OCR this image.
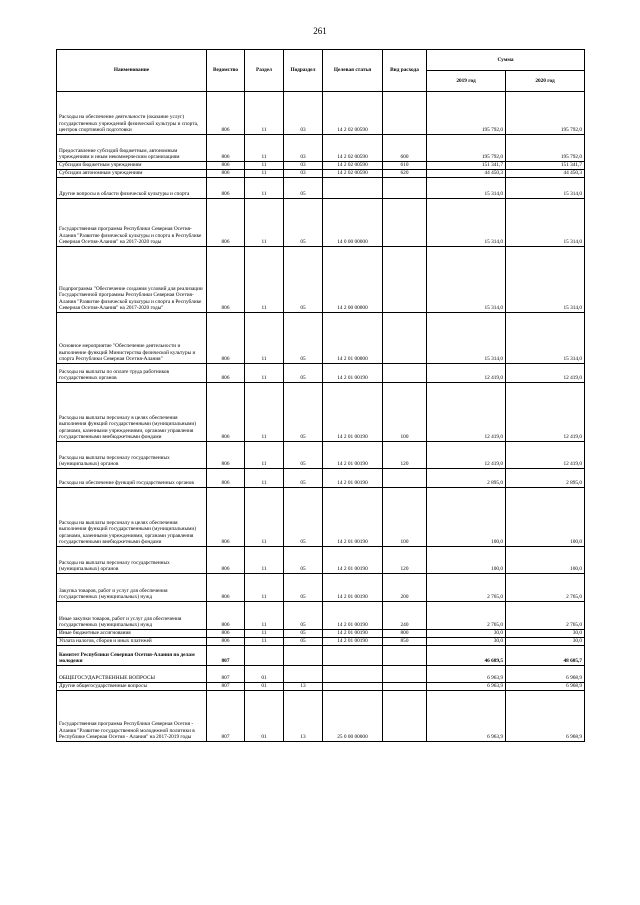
261
Наименование	Ведомство	Раздел	Подраздел	Целевая статья	Вид расхода	Сумма	
						2019 год	2020 год
Расходы на обеспечение деятельности (оказание услуг) государственных учреждений физической культуры и спорта, центров спортивной подготовки	806	11	03	14 2 02 00590		195 792,0	195 792,0
Предоставление субсидий бюджетным, автономным учреждениям и иным некоммерческим организациям	806	11	03	14 2 02 00590	600	195 792,0	195 792,0
Субсидии бюджетным учреждениям	806	11	03	14 2 02 00590	610	151 341,7	151 341,7
Субсидии автономным учреждениям	806	11	03	14 2 02 00590	620	44 450,3	44 450,3
Другие вопросы в области физической культуры и спорта	806	11	05			15 314,0	15 314,0
Государственная программа Республики Северная Осетия-Алания "Развитие физической культуры и спорта в Республике Северная Осетия-Алания" на 2017-2020 годы	806	11	05	14 0 00 00000		15 314,0	15 314,0
Подпрограмма "Обеспечение создания условий для реализации Государственной программы Республики Северная Осетия-Алания "Развитие физической культуры и спорта в Республике Северная Осетия-Алания" на 2017-2020 годы"	806	11	05	14 2 00 00000		15 314,0	15 314,0
Основное мероприятие "Обеспечение деятельности и выполнение функций Министерства физической культуры и спорта Республики Северная Осетия-Алания"	806	11	05	14 2 01 00000		15 314,0	15 314,0
Расходы на выплаты по оплате труда работников государственных органов	806	11	05	14 2 01 00190		12 419,0	12 419,0
Расходы на выплаты персоналу в целях обеспечения выполнения функций государственными (муниципальными) органами, казенными учреждениями, органами управления государственными внебюджетными фондами	806	11	05	14 2 01 00190	100	12 419,0	12 419,0
Расходы на выплаты персоналу государственных (муниципальных) органов	806	11	05	14 2 01 00190	120	12 419,0	12 419,0
Расходы на обеспечение функций государственных органов	806	11	05	14 2 01 00190		2 895,0	2 895,0
Расходы на выплаты персоналу в целях обеспечения выполнения функций государственными (муниципальными) органами, казенными учреждениями, органами управления государственными внебюджетными фондами	806	11	05	14 2 01 00190	100	100,0	100,0
Расходы на выплаты персоналу государственных (муниципальных) органов	806	11	05	14 2 01 00190	120	100,0	100,0
Закупка товаров, работ и услуг для обеспечения государственных (муниципальных) нужд	806	11	05	14 2 01 00190	200	2 765,0	2 765,0
Иные закупки товаров, работ и услуг для обеспечения государственных (муниципальных) нужд	806	11	05	14 2 01 00190	240	2 765,0	2 765,0
Иные бюджетные ассигнования	806	11	05	14 2 01 00190	800	30,0	30,0
Уплата налогов, сборов и иных платежей	806	11	05	14 2 01 00190	850	30,0	30,0
Комитет Республики Северная Осетия-Алания по делам молодежи	807					46 689,5	48 605,7
ОБЩЕГОСУДАРСТВЕННЫЕ ВОПРОСЫ	807	01				6 963,9	6 968,9
Другие общегосударственные вопросы	807	01	13			6 963,9	6 968,9
Государственная программа Республики Северная Осетия - Алания "Развитие государственной молодежной политики в Республике Северная Осетия - Алания" на 2017-2019 годы	807	01	13	25 0 00 00000		6 963,9	6 968,9
